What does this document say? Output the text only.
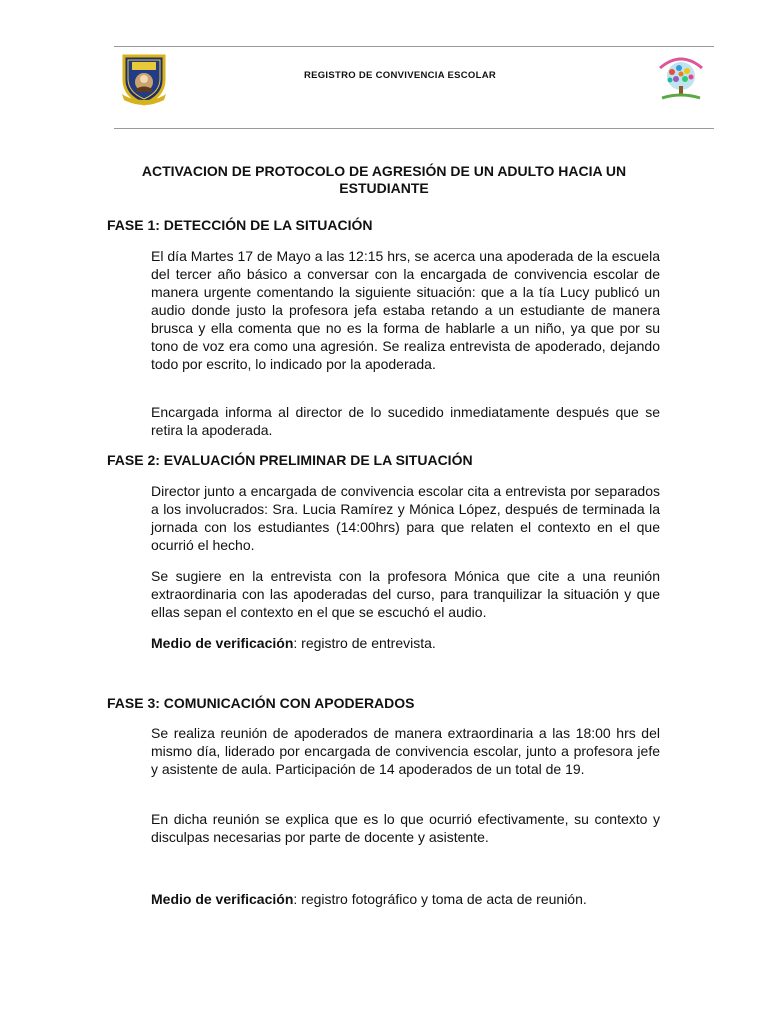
REGISTRO DE CONVIVENCIA ESCOLAR
ACTIVACION DE PROTOCOLO DE AGRESIÓN DE UN ADULTO HACIA UN ESTUDIANTE
FASE 1: DETECCIÓN DE LA SITUACIÓN
El día Martes 17 de Mayo a las 12:15 hrs, se acerca una apoderada de la escuela del tercer año básico a conversar con la encargada de convivencia escolar de manera urgente comentando la siguiente situación: que a la tía Lucy publicó un audio donde justo la profesora jefa estaba retando a un estudiante de manera brusca y ella comenta que no es la forma de hablarle a un niño, ya que por su tono de voz era como una agresión. Se realiza entrevista de apoderado, dejando todo por escrito, lo indicado por la apoderada.
Encargada informa al director de lo sucedido inmediatamente después que se retira la apoderada.
FASE 2: EVALUACIÓN PRELIMINAR DE LA SITUACIÓN
Director junto a encargada de convivencia escolar cita a entrevista por separados a los involucrados: Sra. Lucia Ramírez y Mónica López, después de terminada la jornada con los estudiantes (14:00hrs) para que relaten el contexto en el que ocurrió el hecho.
Se sugiere en la entrevista con la profesora Mónica que cite a una reunión extraordinaria con las apoderadas del curso, para tranquilizar la situación y que ellas sepan el contexto en el que se escuchó el audio.
Medio de verificación: registro de entrevista.
FASE 3: COMUNICACIÓN CON APODERADOS
Se realiza reunión de apoderados de manera extraordinaria a las 18:00 hrs del mismo día, liderado por encargada de convivencia escolar, junto a profesora jefe y asistente de aula. Participación de 14 apoderados de un total de 19.
En dicha reunión se explica que es lo que ocurrió efectivamente, su contexto y disculpas necesarias por parte de docente y asistente.
Medio de verificación: registro fotográfico y toma de acta de reunión.
